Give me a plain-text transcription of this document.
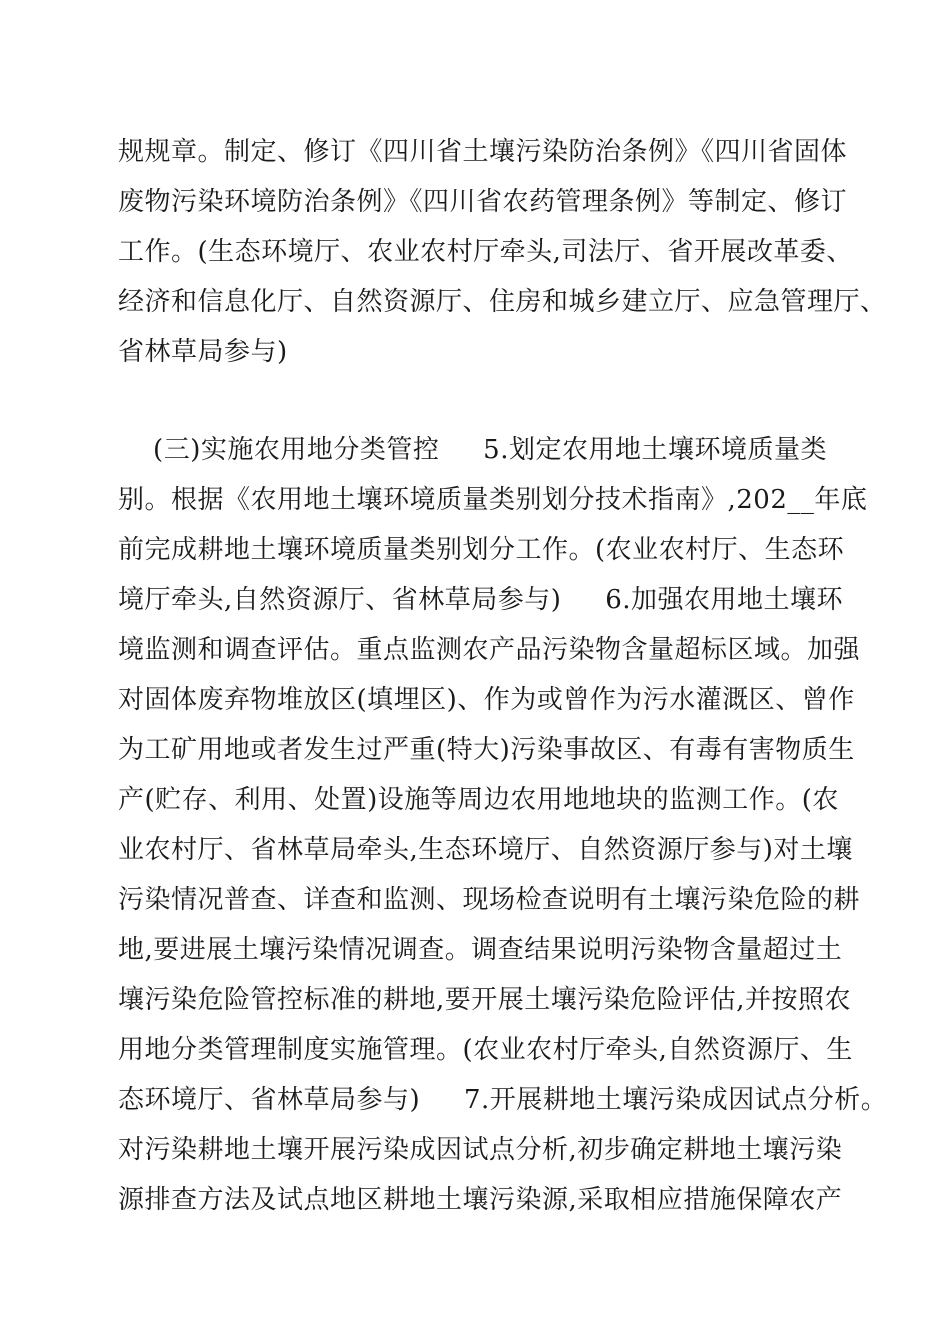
规规章。制定、修订《四川省土壤污染防治条例》《四川省固体
废物污染环境防治条例》《四川省农药管理条例》等制定、修订
工作。(生态环境厅、农业农村厅牵头,司法厅、省开展改革委、
经济和信息化厅、自然资源厅、住房和城乡建立厅、应急管理厅、
省林草局参与)
(三)实施农用地分类管控     5.划定农用地土壤环境质量类
别。根据《农用地土壤环境质量类别划分技术指南》,202__年底
前完成耕地土壤环境质量类别划分工作。(农业农村厅、生态环
境厅牵头,自然资源厅、省林草局参与)     6.加强农用地土壤环
境监测和调查评估。重点监测农产品污染物含量超标区域。加强
对固体废弃物堆放区(填埋区)、作为或曾作为污水灌溉区、曾作
为工矿用地或者发生过严重(特大)污染事故区、有毒有害物质生
产(贮存、利用、处置)设施等周边农用地地块的监测工作。(农
业农村厅、省林草局牵头,生态环境厅、自然资源厅参与)对土壤
污染情况普查、详查和监测、现场检查说明有土壤污染危险的耕
地,要进展土壤污染情况调查。调查结果说明污染物含量超过土
壤污染危险管控标准的耕地,要开展土壤污染危险评估,并按照农
用地分类管理制度实施管理。(农业农村厅牵头,自然资源厅、生
态环境厅、省林草局参与)     7.开展耕地土壤污染成因试点分析。
对污染耕地土壤开展污染成因试点分析,初步确定耕地土壤污染
源排查方法及试点地区耕地土壤污染源,采取相应措施保障农产
